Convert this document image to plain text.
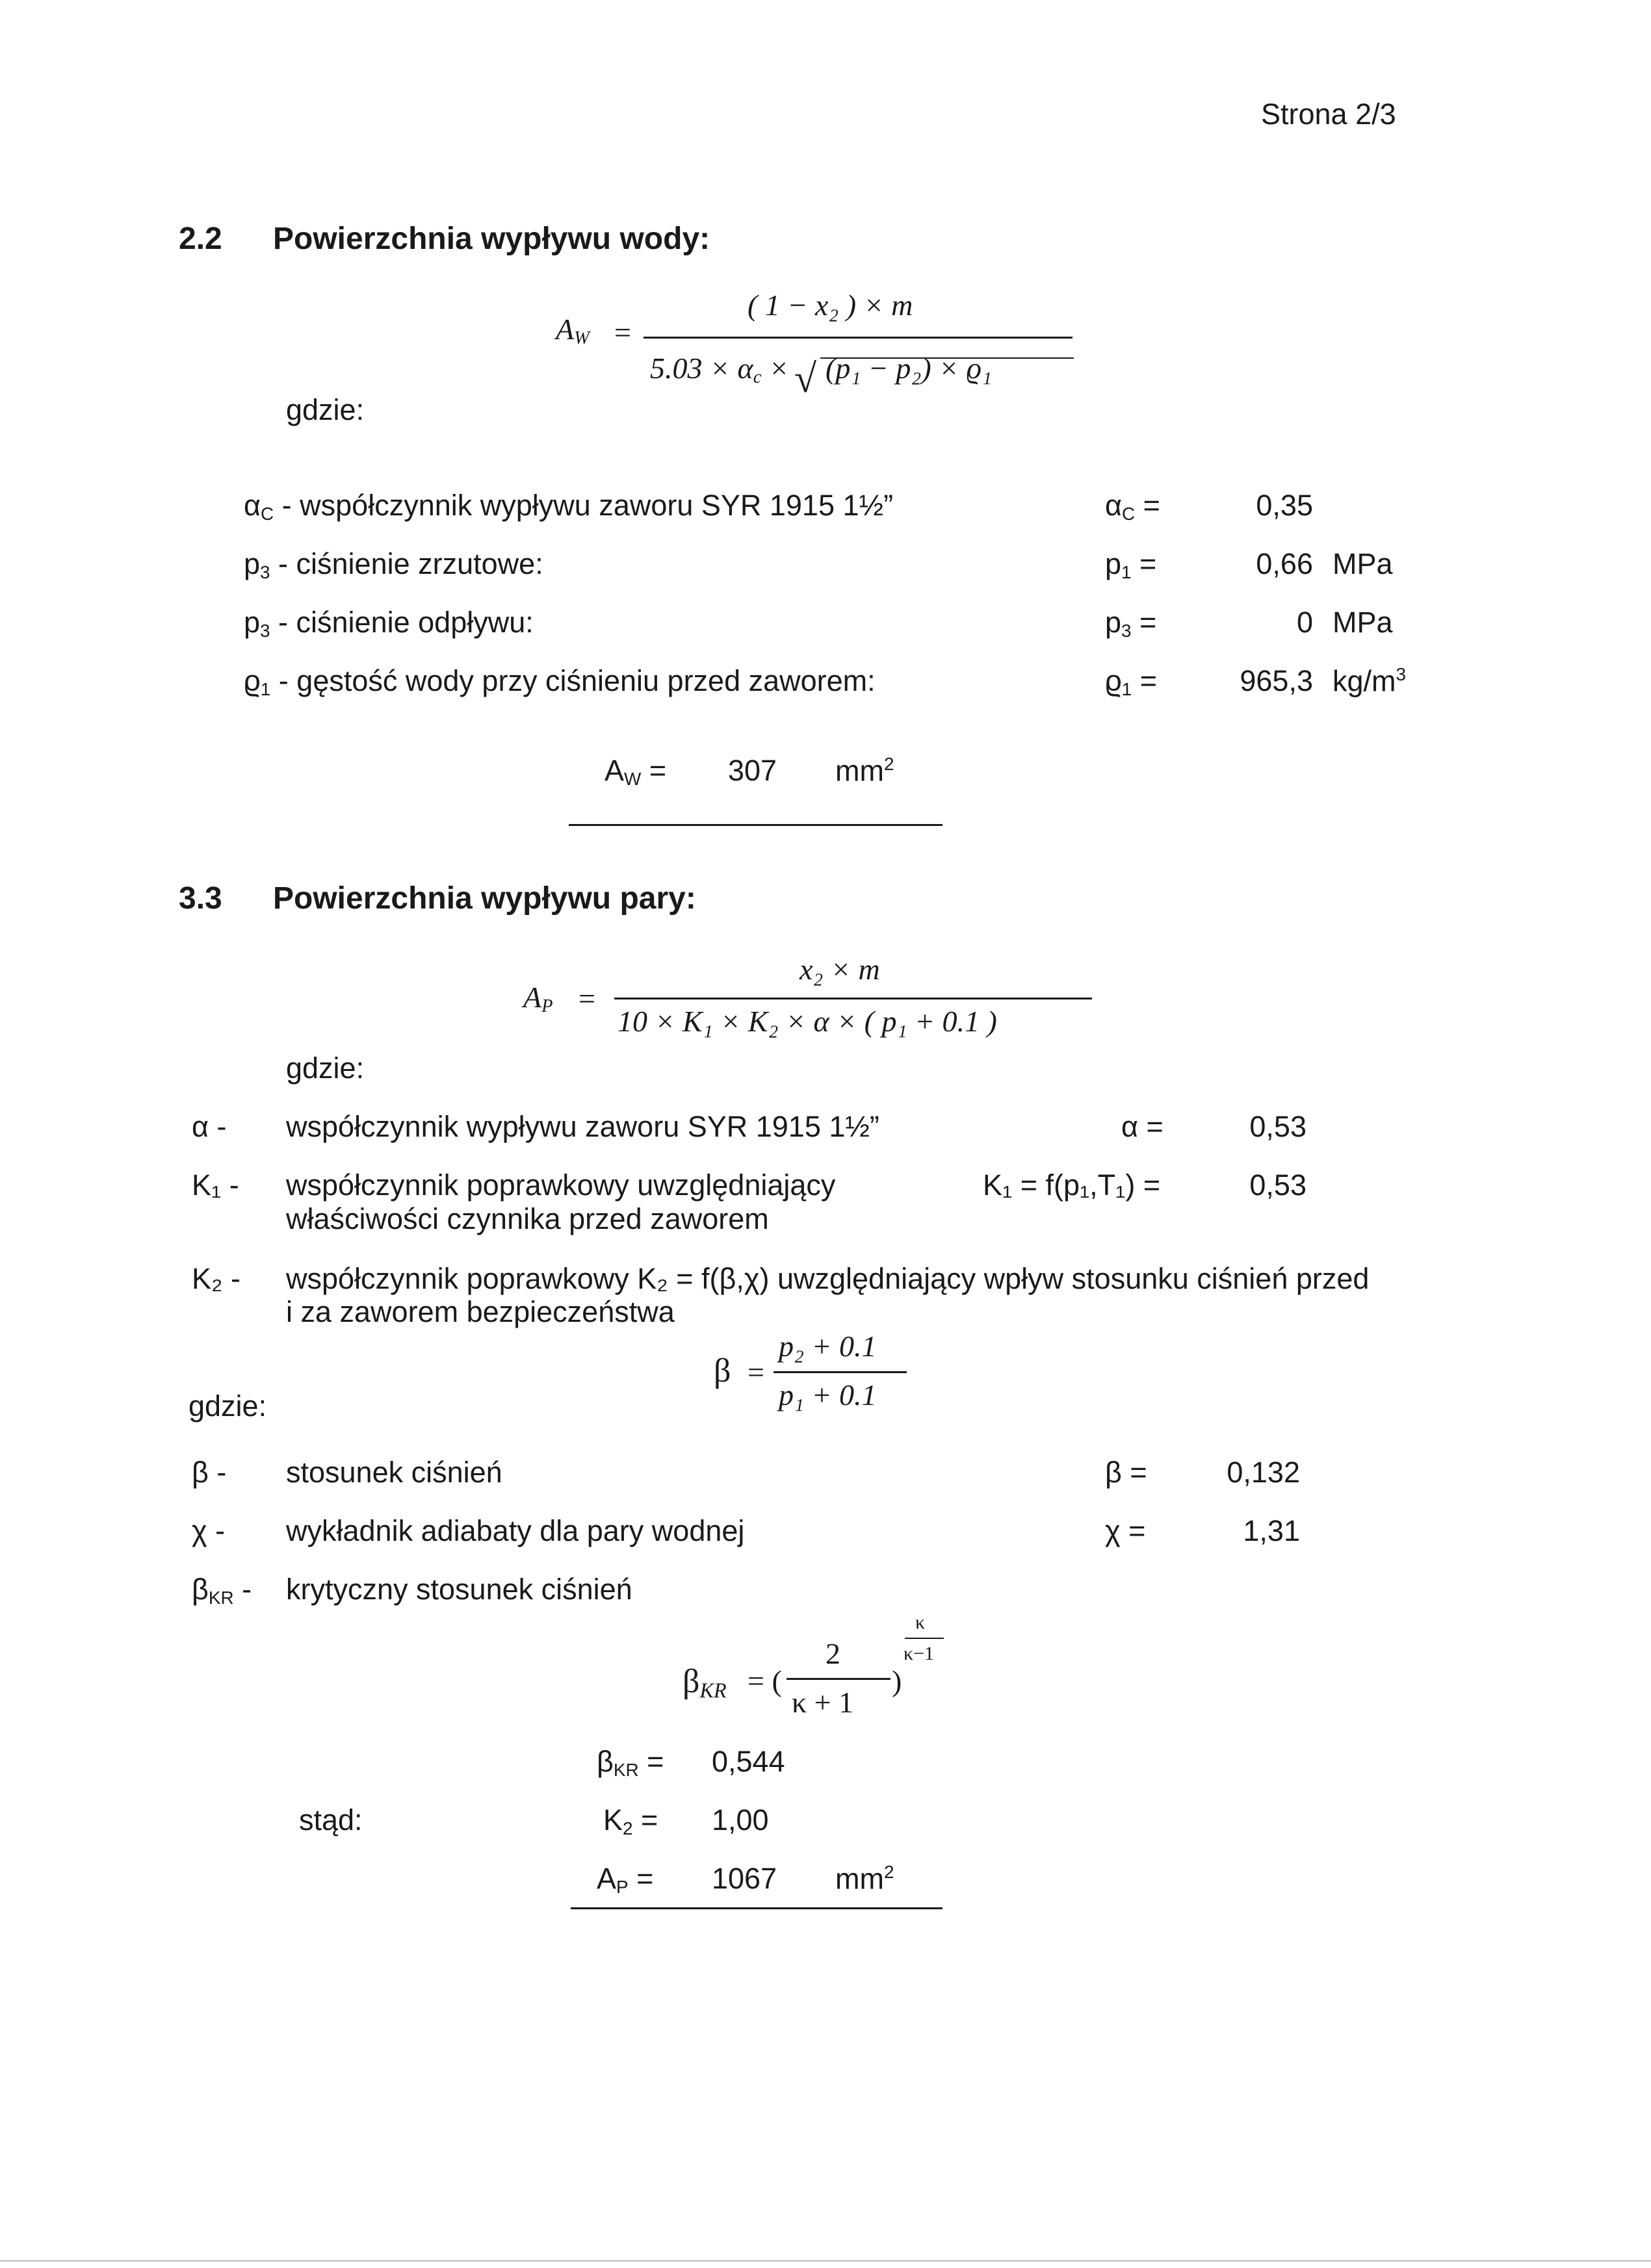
Strona 2/3
2.2 Powierzchnia wypływu wody:
$A_W$ =
( 1 − x₂ ) × m
$5.03 \times \alpha_c$ × √ (p₁ − p₂) × ϱ₁
gdzie:
$\alpha_C$ - współczynnik wypływu zaworu SYR 1915 1½”	$\alpha_C$ =	0,35
$p_3$ - ciśnienie zrzutowe:	$p_1$ =	0,66 MPa
$p_3$ - ciśnienie odpływu:	$p_3$ =	0 MPa
$ϱ_1$ - gęstość wody przy ciśnieniu przed zaworem:	$ϱ_1$ =	965,3 $kg/m^3$
$A_W = 307$ $mm^2$
3.3 Powierzchnia wypływu pary:
$A_P$ =
x₂ × m
10 × K₁ × K₂ × α × ( p₁ + 0.1 )
gdzie:
α - współczynnik wypływu zaworu SYR 1915 1½”	α =	0,53
K₁ - współczynnik poprawkowy uwzględniający
właściwości czynnika przed zaworem
K₁ = f(p₁,T₁) =	0,53
K₂ - współczynnik poprawkowy K₂ = f(β,χ) uwzględniający wpływ stosunku ciśnień przed
i za zaworem bezpieczeństwa
β =
p₂ + 0.1
p₁ + 0.1
gdzie:
β - stosunek ciśnień	β =	0,132
χ - wykładnik adiabaty dla pary wodnej	χ =	1,31
$\beta_{KR}$ - krytyczny stosunek ciśnień
$\beta_{KR}$ = (
2
κ + 1
)
κ
κ−1
stąd:
$\beta_{KR} = 0,544$
$K_2 = 1,00$
$A_P = 1067$ $mm^2$
